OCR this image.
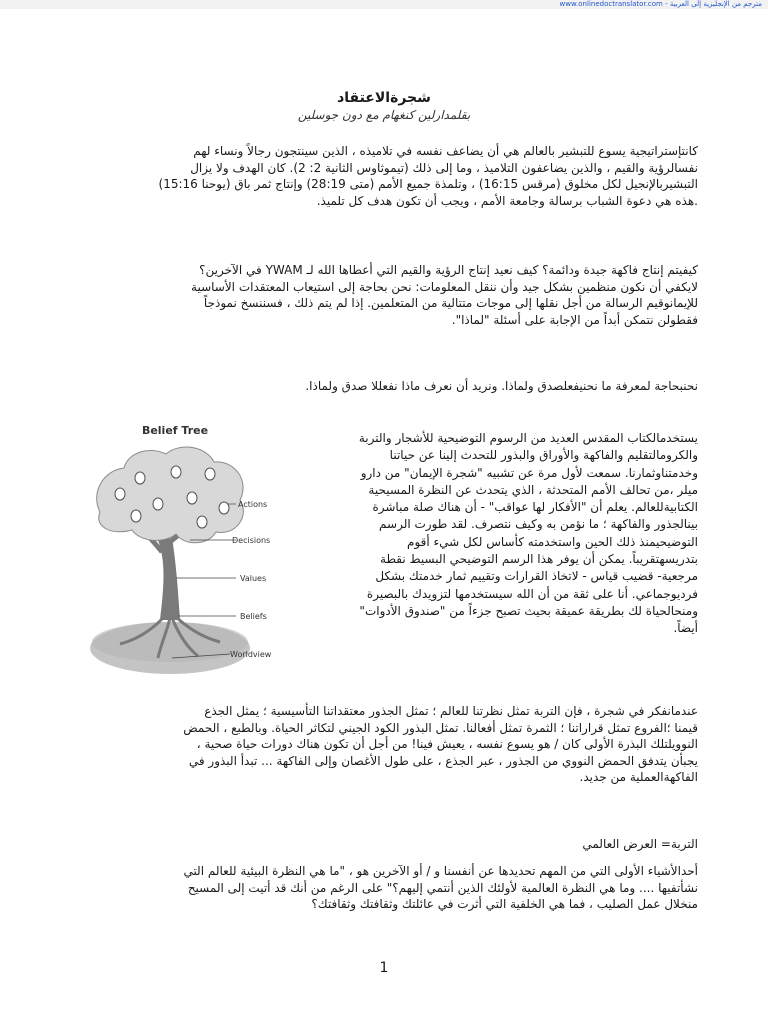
www.onlinedoctranslator.com - مترجم من الإنجليزية إلى العربية
شجرةالاعتقاد
بقلمدارلين كنغهام مع دون جوسلين

كانتإستراتيجية يسوع للتبشير بالعالم هي أن يضاعف نفسه في تلاميذه ، الذين سينتجون رجالاً ونساء لهم

نفسالرؤية والقيم ، والذين يضاعفون التلاميذ ، وما إلى ذلك (تيموثاوس الثانية 2: 2). كان الهدف ولا يزال

التبشيربالإنجيل لكل مخلوق (مرقس 16:15) ، وتلمذة جميع الأمم (متى 28:19) وإنتاج ثمر باق (يوحنا 15:16)

.هذه هي دعوة الشباب برسالة وجامعة الأمم ، ويجب أن تكون هدف كل تلميذ.

كيفيتم إنتاج فاكهة جيدة ودائمة؟ كيف نعيد إنتاج الرؤية والقيم التي أعطاها الله لـ YWAM في الآخرين؟

لايكفي أن نكون منظمين بشكل جيد وأن ننقل المعلومات: نحن بحاجة إلى استيعاب المعتقدات الأساسية

للإيمانوقيم الرسالة من أجل نقلها إلى موجات متتالية من المتعلمين. إذا لم يتم ذلك ، فسننسخ نموذجاً

فقطولن نتمكن أبداً من الإجابة على أسئلة "لماذا".

نحنبحاجة لمعرفة ما نحنيفعلصدق ولماذا. ونريد أن نعرف ماذا نفعللا صدق ولماذا.

Belief Tree
Actions
Decisions
Values
Beliefs
Worldview

يستخدمالكتاب المقدس العديد من الرسوم التوضيحية للأشجار والتربة

والكرومالتقليم والفاكهة والأوراق والبذور للتحدث إلينا عن حياتنا

وخدمتناوثمارنا. سمعت لأول مرة عن تشبيه "شجرة الإيمان" من دارو

ميلر ،من تحالف الأمم المتحدثة ، الذي يتحدث عن النظرة المسيحية

الكتابيةللعالم. يعلم أن "الأفكار لها عواقب" - أن هناك صلة مباشرة

بينالجذور والفاكهة ؛ ما نؤمن به وكيف نتصرف. لقد طورت الرسم

التوضيحيمنذ ذلك الحين واستخدمته كأساس لكل شيء أقوم

بتدريسهتقريباً. يمكن أن يوفر هذا الرسم التوضيحي البسيط نقطة

مرجعية- قضيب قياس - لاتخاذ القرارات وتقييم ثمار خدمتك بشكل

فرديوجماعي. أنا على ثقة من أن الله سيستخدمها لتزويدك بالبصيرة

ومنحالحياة لك بطريقة عميقة بحيث تصبح جزءاً من "صندوق الأدوات"

أيضاً.

عندمانفكر في شجرة ، فإن التربة تمثل نظرتنا للعالم ؛ تمثل الجذور معتقداتنا التأسيسية ؛ يمثل الجذع

قيمنا ؛الفروع تمثل قراراتنا ؛ الثمرة تمثل أفعالنا. تمثل البذور الكود الجيني لتكاثر الحياة. وبالطبع ، الحمض

النوويلتلك البذرة الأولى كان / هو يسوع نفسه ، يعيش فينا! من أجل أن تكون هناك دورات حياة صحية ،

يجبأن يتدفق الحمض النووي من الجذور ، عبر الجذع ، على طول الأغصان وإلى الفاكهة ... تبدأ البذور في

الفاكهةالعملية من جديد.

التربة= العرض العالمي

أحدالأشياء الأولى التي من المهم تحديدها عن أنفسنا و / أو الآخرين هو ، "ما هي النظرة البيئية للعالم التي

نشأتفيها .... وما هي النظرة العالمية لأولئك الذين أنتمي إليهم؟" على الرغم من أنك قد أتيت إلى المسيح

منخلال عمل الصليب ، فما هي الخلفية التي أثرت في عائلتك وثقافتك وثقافتك؟

1
